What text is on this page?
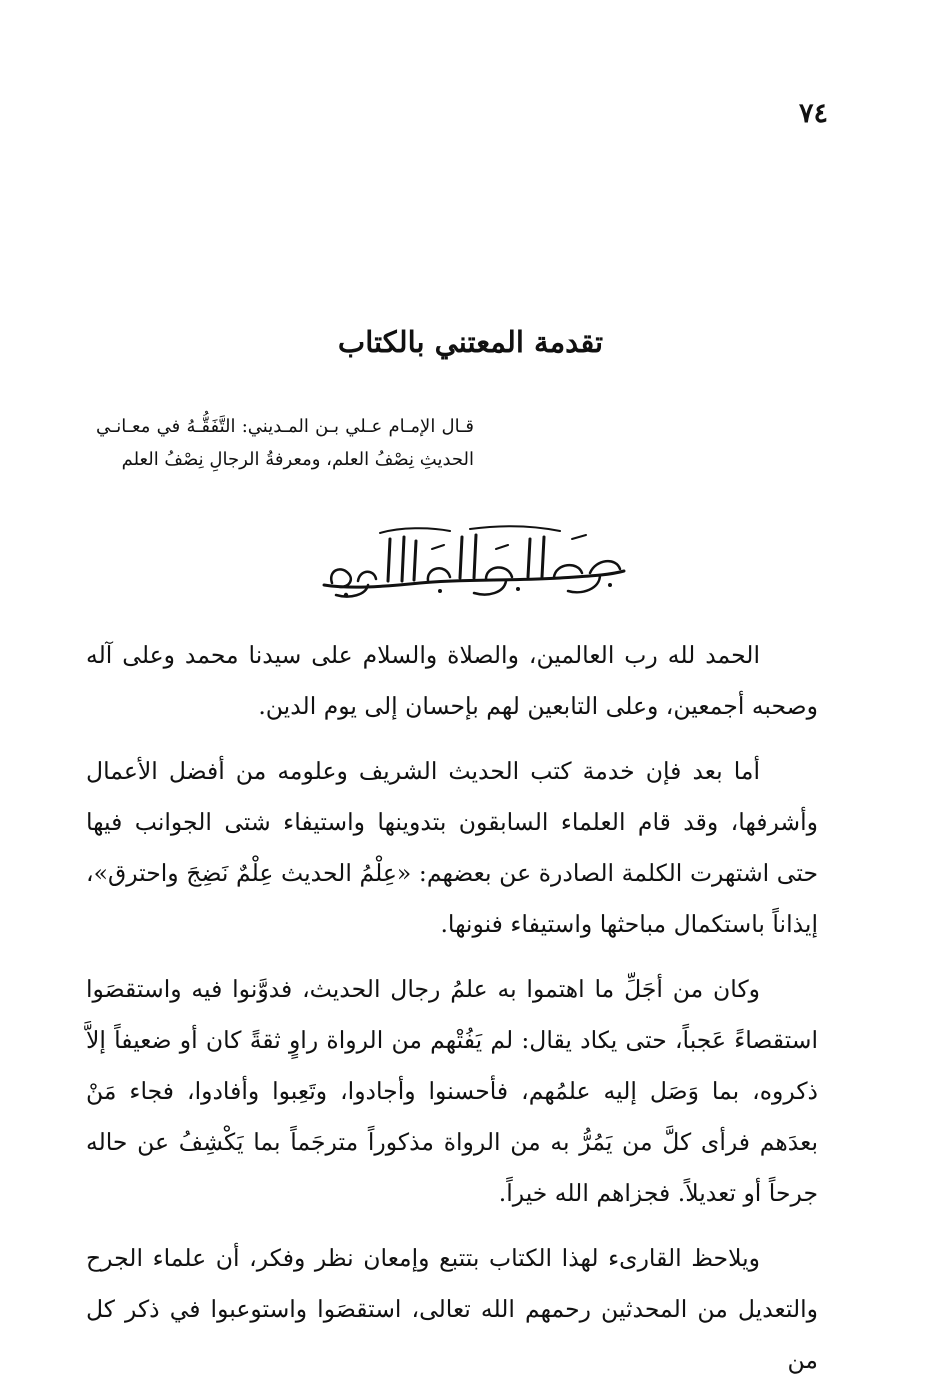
٧٤
تقدمة المعتني بالكتاب
قـال الإمـام عـلي بـن المـديني: التَّفَقُّـهُ في معـانـي الحديثِ نِصْفُ العلم، ومعرفةُ الرجالِ نِصْفُ العلم

الحمد لله رب العالمين، والصلاة والسلام على سيدنا محمد وعلى آله وصحبه أجمعين، وعلى التابعين لهم بإحسان إلى يوم الدين.

أما بعد فإن خدمة كتب الحديث الشريف وعلومه من أفضل الأعمال وأشرفها، وقد قام العلماء السابقون بتدوينها واستيفاء شتى الجوانب فيها حتى اشتهرت الكلمة الصادرة عن بعضهم: «عِلْمُ الحديث عِلْمٌ نَضِجَ واحترق»، إيذاناً باستكمال مباحثها واستيفاء فنونها.

وكان من أجَلِّ ما اهتموا به علمُ رجال الحديث، فدوَّنوا فيه واستقصَوا استقصاءً عَجباً، حتى يكاد يقال: لم يَفُتْهم من الرواة راوٍ ثقةً كان أو ضعيفاً إلاَّ ذكروه، بما وَصَل إليه علمُهم، فأحسنوا وأجادوا، وتَعِبوا وأفادوا، فجاء مَنْ بعدَهم فرأى كلَّ من يَمُرُّ به من الرواة مذكوراً مترجَماً بما يَكْشِفُ عن حاله جرحاً أو تعديلاً. فجزاهم الله خيراً.

ويلاحظ القارىء لهذا الكتاب بتتبع وإمعان نظر وفكر، أن علماء الجرح والتعديل من المحدثين رحمهم الله تعالى، استقصَوا واستوعبوا في ذكر كل من
